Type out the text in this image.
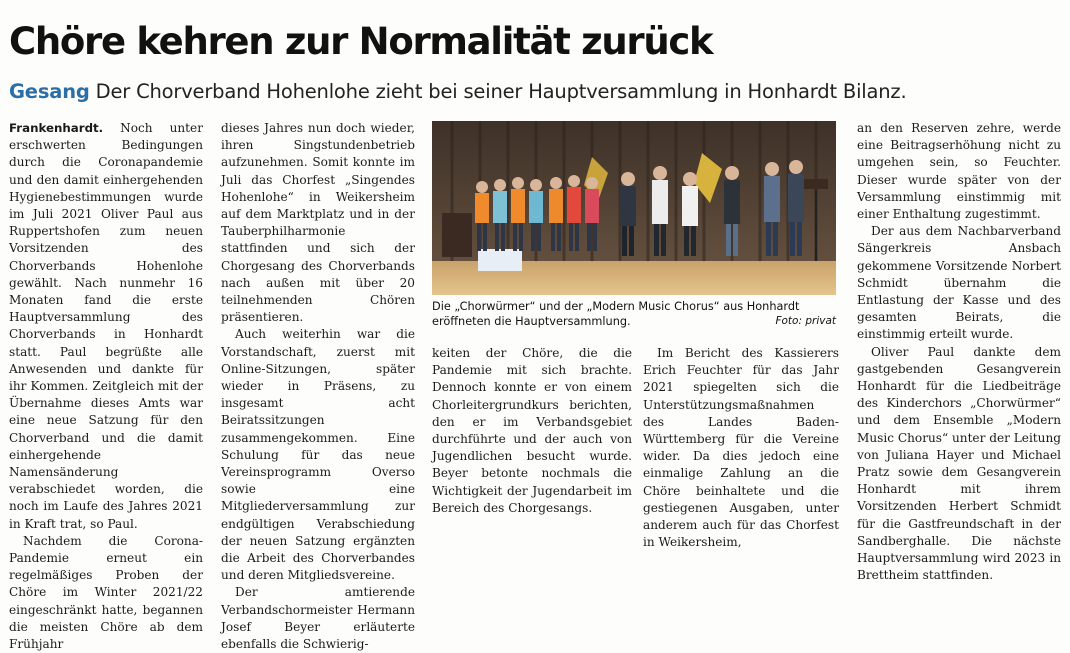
Chöre kehren zur Normalität zurück
Gesang Der Chorverband Hohenlohe zieht bei seiner Hauptversammlung in Honhardt Bilanz.

Frankenhardt. Noch unter erschwerten Bedingungen durch die Coronapandemie und den damit einhergehenden Hygienebestimmungen wurde im Juli 2021 Oliver Paul aus Ruppertshofen zum neuen Vorsitzenden des Chorverbands Hohenlohe gewählt. Nach nunmehr 16 Monaten fand die erste Hauptversammlung des Chorverbands in Honhardt statt. Paul begrüßte alle Anwesenden und dankte für ihr Kommen. Zeitgleich mit der Übernahme dieses Amts war eine neue Satzung für den Chorverband und die damit einhergehende Namensänderung verabschiedet worden, die noch im Laufe des Jahres 2021 in Kraft trat, so Paul.

Nachdem die Corona-Pandemie erneut ein regelmäßiges Proben der Chöre im Winter 2021/22 eingeschränkt hatte, begannen die meisten Chöre ab dem Frühjahr

dieses Jahres nun doch wieder, ihren Singstundenbetrieb aufzunehmen. Somit konnte im Juli das Chorfest „Singendes Hohenlohe“ in Weikersheim auf dem Marktplatz und in der Tauberphilharmonie stattfinden und sich der Chorgesang des Chorverbands nach außen mit über 20 teilnehmenden Chören präsentieren.

Auch weiterhin war die Vorstandschaft, zuerst mit Online-Sitzungen, später wieder in Präsens, zu insgesamt acht Beiratssitzungen zusammengekommen. Eine Schulung für das neue Vereinsprogramm Overso sowie eine Mitgliederversammlung zur endgültigen Verabschiedung der neuen Satzung ergänzten die Arbeit des Chorverbandes und deren Mitgliedsvereine.

Der amtierende Verbandschormeister Hermann Josef Beyer erläuterte ebenfalls die Schwierig-

Die „Chorwürmer“ und der „Modern Music Chorus“ aus Honhardt eröffneten die Hauptversammlung.	Foto: privat

keiten der Chöre, die die Pandemie mit sich brachte. Dennoch konnte er von einem Chorleitergrundkurs berichten, den er im Verbandsgebiet durchführte und der auch von Jugendlichen besucht wurde. Beyer betonte nochmals die Wichtigkeit der Jugendarbeit im Bereich des Chorgesangs.

Im Bericht des Kassierers Erich Feuchter für das Jahr 2021 spiegelten sich die Unterstützungsmaßnahmen des Landes Baden-Württemberg für die Vereine wider. Da dies jedoch eine einmalige Zahlung an die Chöre beinhaltete und die gestiegenen Ausgaben, unter anderem auch für das Chorfest in Weikersheim,

an den Reserven zehre, werde eine Beitragserhöhung nicht zu umgehen sein, so Feuchter. Dieser wurde später von der Versammlung einstimmig mit einer Enthaltung zugestimmt.

Der aus dem Nachbarverband Sängerkreis Ansbach gekommene Vorsitzende Norbert Schmidt übernahm die Entlastung der Kasse und des gesamten Beirats, die einstimmig erteilt wurde.

Oliver Paul dankte dem gastgebenden Gesangverein Honhardt für die Liedbeiträge des Kinderchors „Chorwürmer“ und dem Ensemble „Modern Music Chorus“ unter der Leitung von Juliana Hayer und Michael Pratz sowie dem Gesangverein Honhardt mit ihrem Vorsitzenden Herbert Schmidt für die Gastfreundschaft in der Sandberghalle. Die nächste Hauptversammlung wird 2023 in Brettheim stattfinden.
